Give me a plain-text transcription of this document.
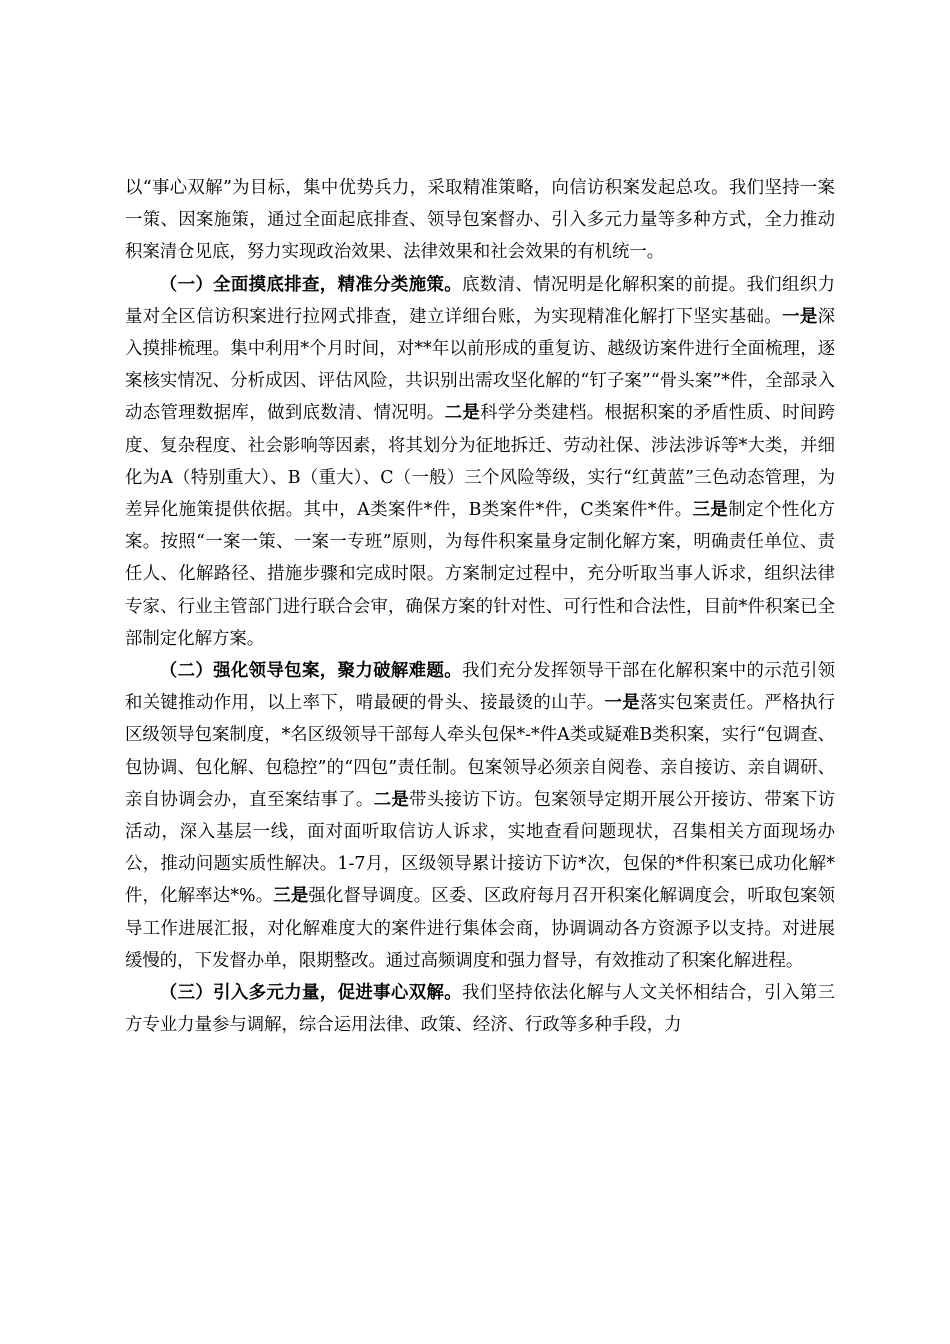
以“事心双解”为目标，集中优势兵力，采取精准策略，向信访积案发起总攻。我们坚持一案一策、因案施策，通过全面起底排查、领导包案督办、引入多元力量等多种方式，全力推动积案清仓见底，努力实现政治效果、法律效果和社会效果的有机统一。

（一）全面摸底排查，精准分类施策。底数清、情况明是化解积案的前提。我们组织力量对全区信访积案进行拉网式排查，建立详细台账，为实现精准化解打下坚实基础。一是深入摸排梳理。集中利用*个月时间，对**年以前形成的重复访、越级访案件进行全面梳理，逐案核实情况、分析成因、评估风险，共识别出需攻坚化解的“钉子案”“骨头案”*件，全部录入动态管理数据库，做到底数清、情况明。二是科学分类建档。根据积案的矛盾性质、时间跨度、复杂程度、社会影响等因素，将其划分为征地拆迁、劳动社保、涉法涉诉等*大类，并细化为A（特别重大）、B（重大）、C（一般）三个风险等级，实行“红黄蓝”三色动态管理，为差异化施策提供依据。其中，A类案件*件，B类案件*件，C类案件*件。三是制定个性化方案。按照“一案一策、一案一专班”原则，为每件积案量身定制化解方案，明确责任单位、责任人、化解路径、措施步骤和完成时限。方案制定过程中，充分听取当事人诉求，组织法律专家、行业主管部门进行联合会审，确保方案的针对性、可行性和合法性，目前*件积案已全部制定化解方案。

（二）强化领导包案，聚力破解难题。我们充分发挥领导干部在化解积案中的示范引领和关键推动作用，以上率下，啃最硬的骨头、接最烫的山芋。一是落实包案责任。严格执行区级领导包案制度，*名区级领导干部每人牵头包保*-*件A类或疑难B类积案，实行“包调查、包协调、包化解、包稳控”的“四包”责任制。包案领导必须亲自阅卷、亲自接访、亲自调研、亲自协调会办，直至案结事了。二是带头接访下访。包案领导定期开展公开接访、带案下访活动，深入基层一线，面对面听取信访人诉求，实地查看问题现状，召集相关方面现场办公，推动问题实质性解决。1-7月，区级领导累计接访下访*次，包保的*件积案已成功化解*件，化解率达*%。三是强化督导调度。区委、区政府每月召开积案化解调度会，听取包案领导工作进展汇报，对化解难度大的案件进行集体会商，协调调动各方资源予以支持。对进展缓慢的，下发督办单，限期整改。通过高频调度和强力督导，有效推动了积案化解进程。

（三）引入多元力量，促进事心双解。我们坚持依法化解与人文关怀相结合，引入第三方专业力量参与调解，综合运用法律、政策、经济、行政等多种手段，力
